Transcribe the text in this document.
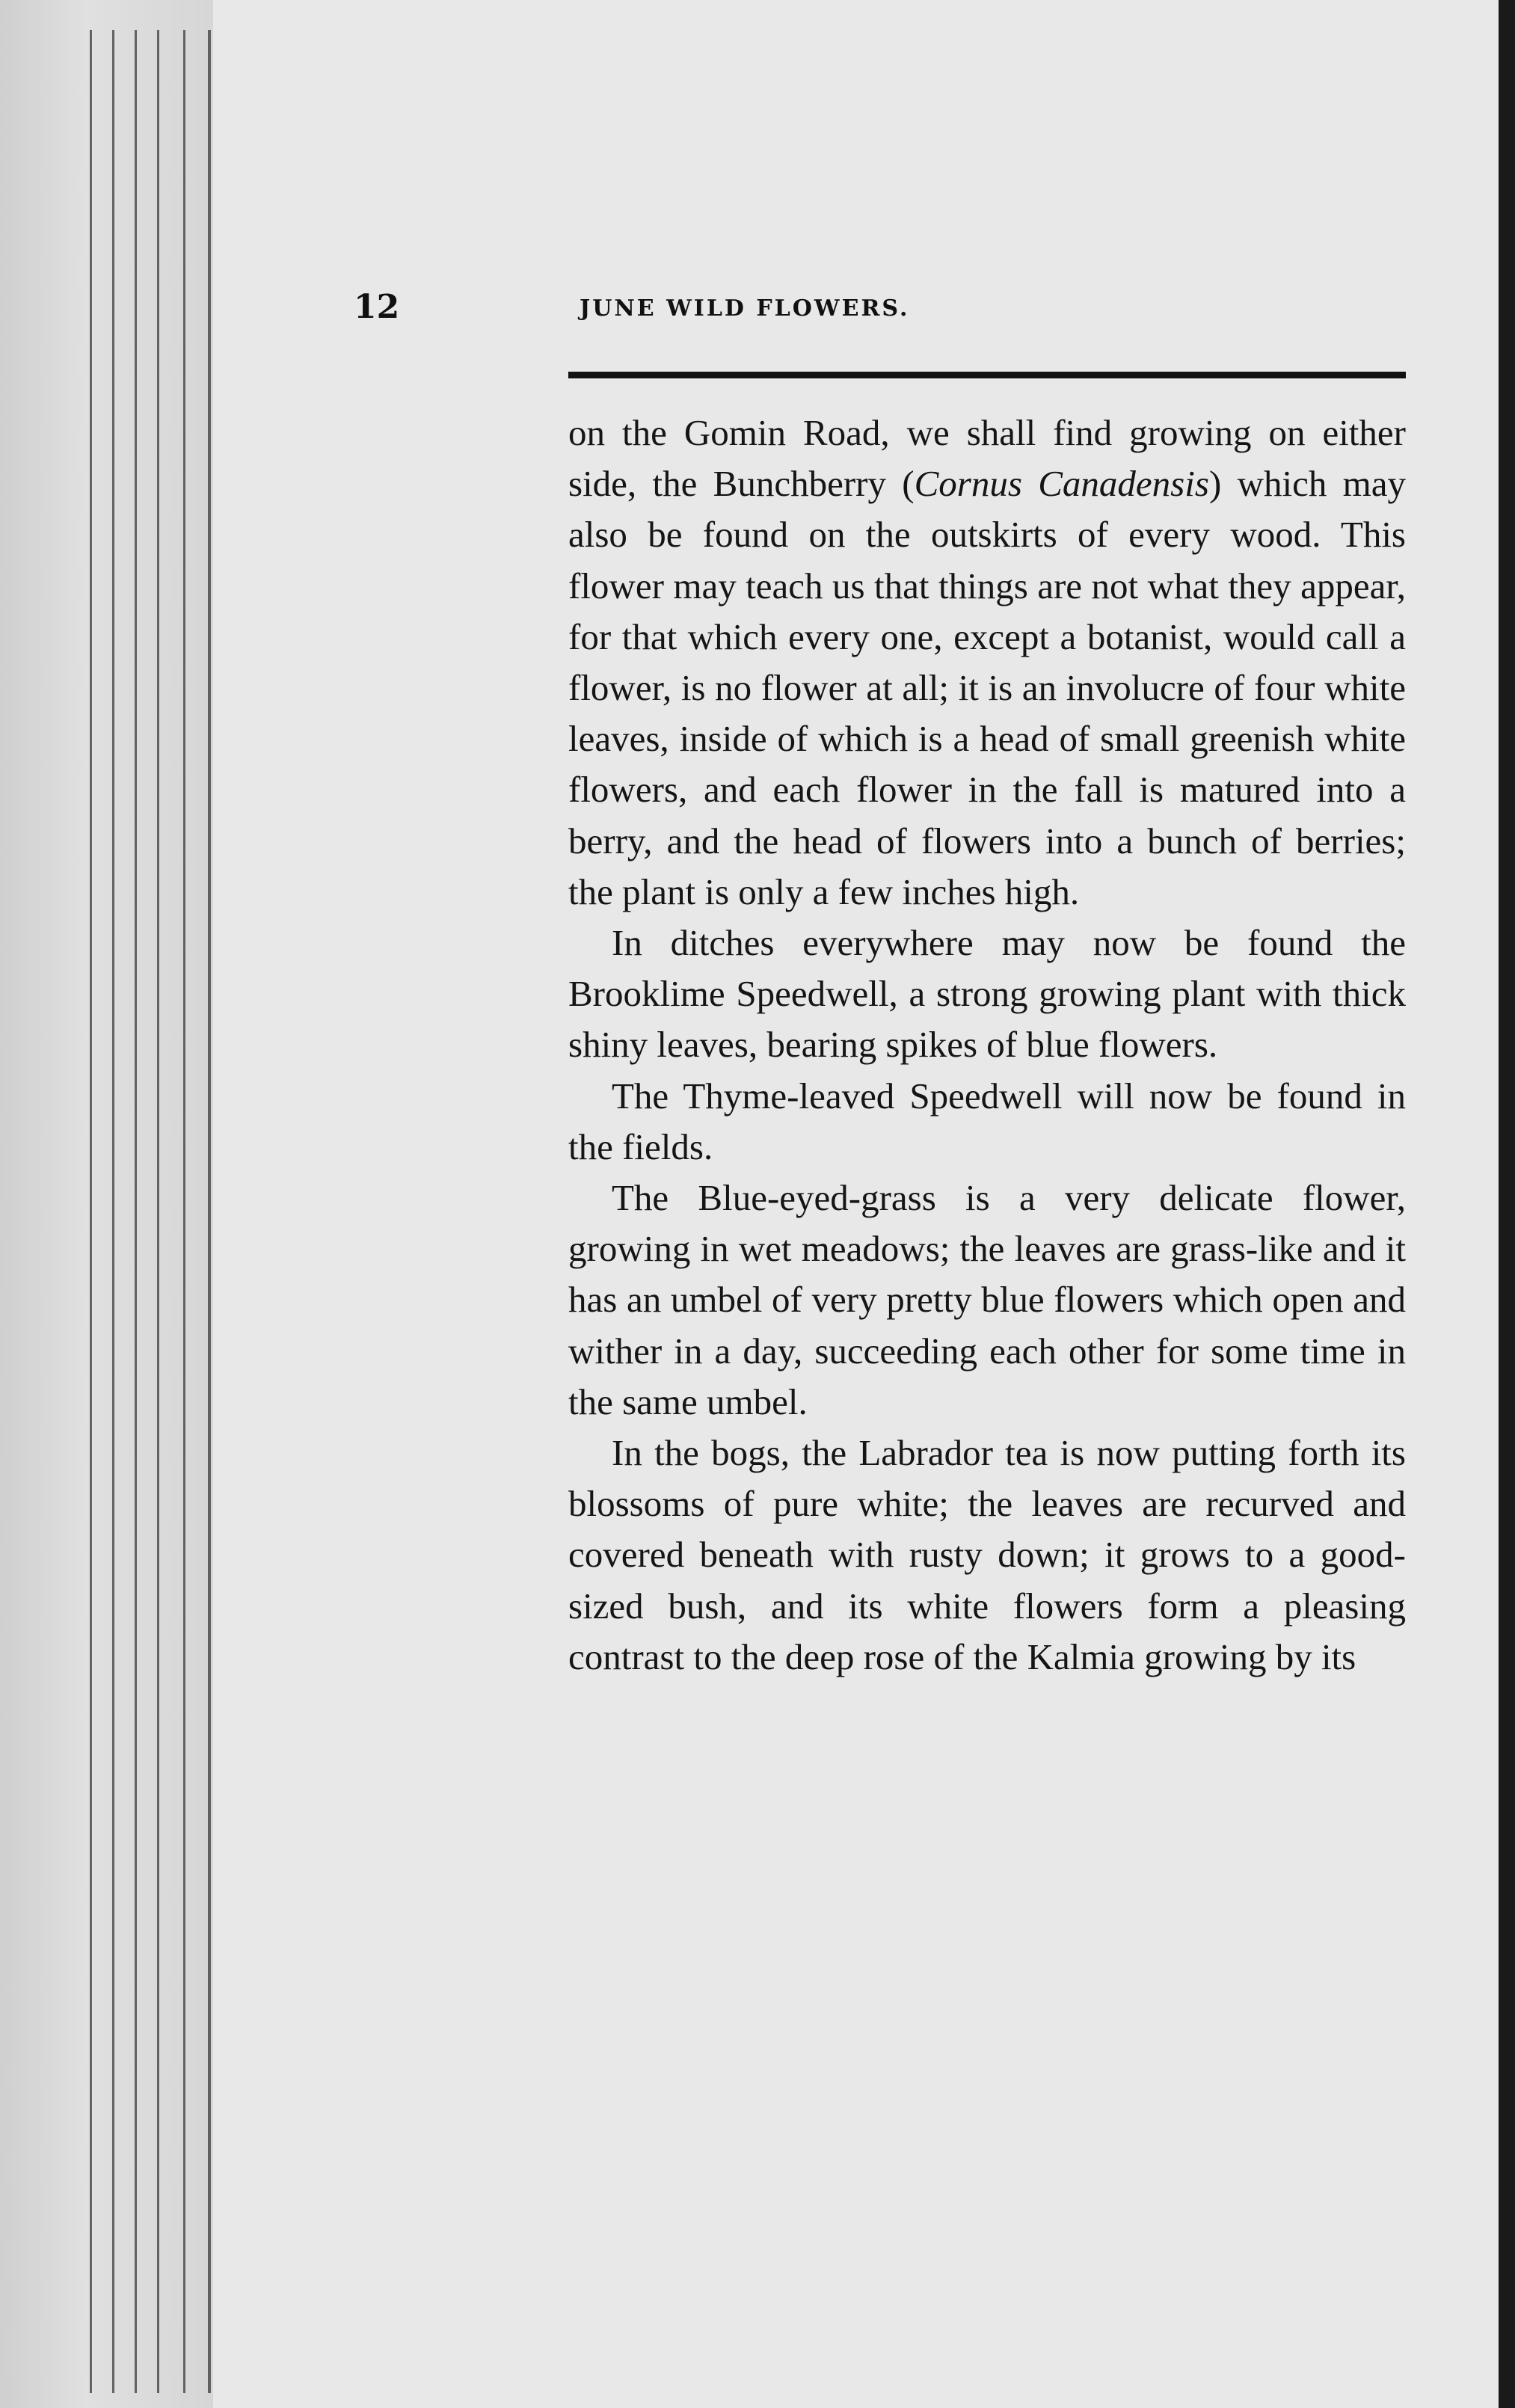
12	JUNE WILD FLOWERS.

on the Gomin Road, we shall find growing on either side, the Bunchberry (Cornus Canadensis) which may also be found on the outskirts of every wood. This flower may teach us that things are not what they appear, for that which every one, except a botanist, would call a flower, is no flower at all; it is an involucre of four white leaves, inside of which is a head of small greenish white flowers, and each flower in the fall is matured into a berry, and the head of flowers into a bunch of berries; the plant is only a few inches high.

In ditches everywhere may now be found the Brooklime Speedwell, a strong growing plant with thick shiny leaves, bearing spikes of blue flowers.

The Thyme-leaved Speedwell will now be found in the fields.

The Blue-eyed-grass is a very delicate flower, growing in wet meadows; the leaves are grass-like and it has an umbel of very pretty blue flowers which open and wither in a day, succeeding each other for some time in the same umbel.

In the bogs, the Labrador tea is now putting forth its blossoms of pure white; the leaves are recurved and covered beneath with rusty down; it grows to a good-sized bush, and its white flowers form a pleasing contrast to the deep rose of the Kalmia growing by its
